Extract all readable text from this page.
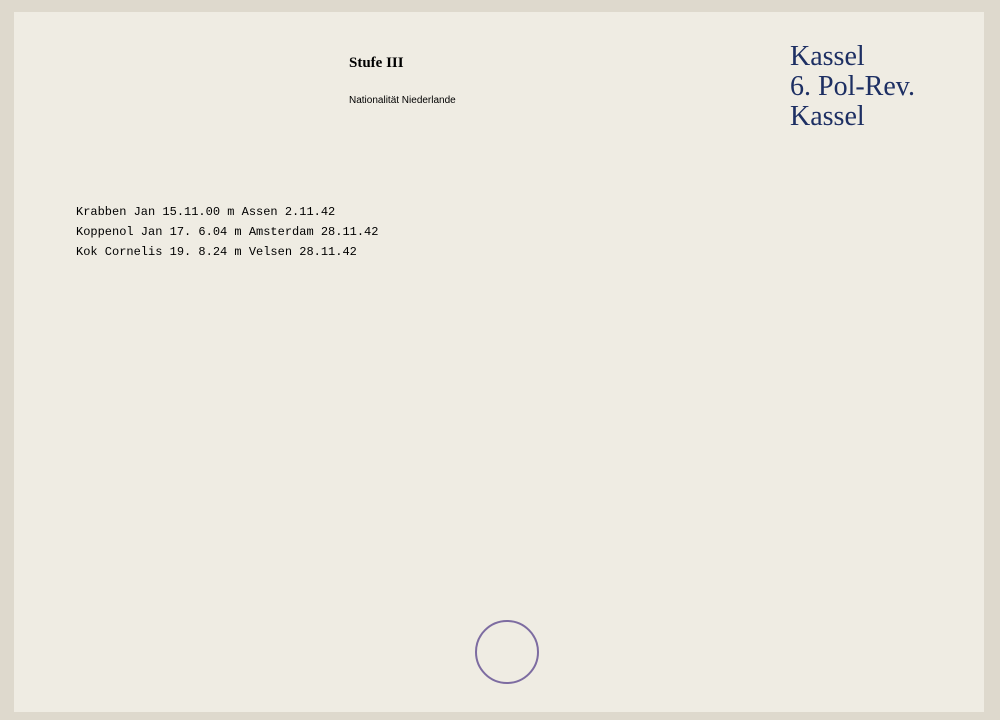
Stufe III	Kassel
6. Pol-Rev.
Kassel
Nationalität Niederlande
Krabben Jan 15.11.00 m Assen 2.11.42
Koppenol Jan 17. 6.04 m Amsterdam 28.11.42
Kok Cornelis 19. 8.24 m Velsen 28.11.42
